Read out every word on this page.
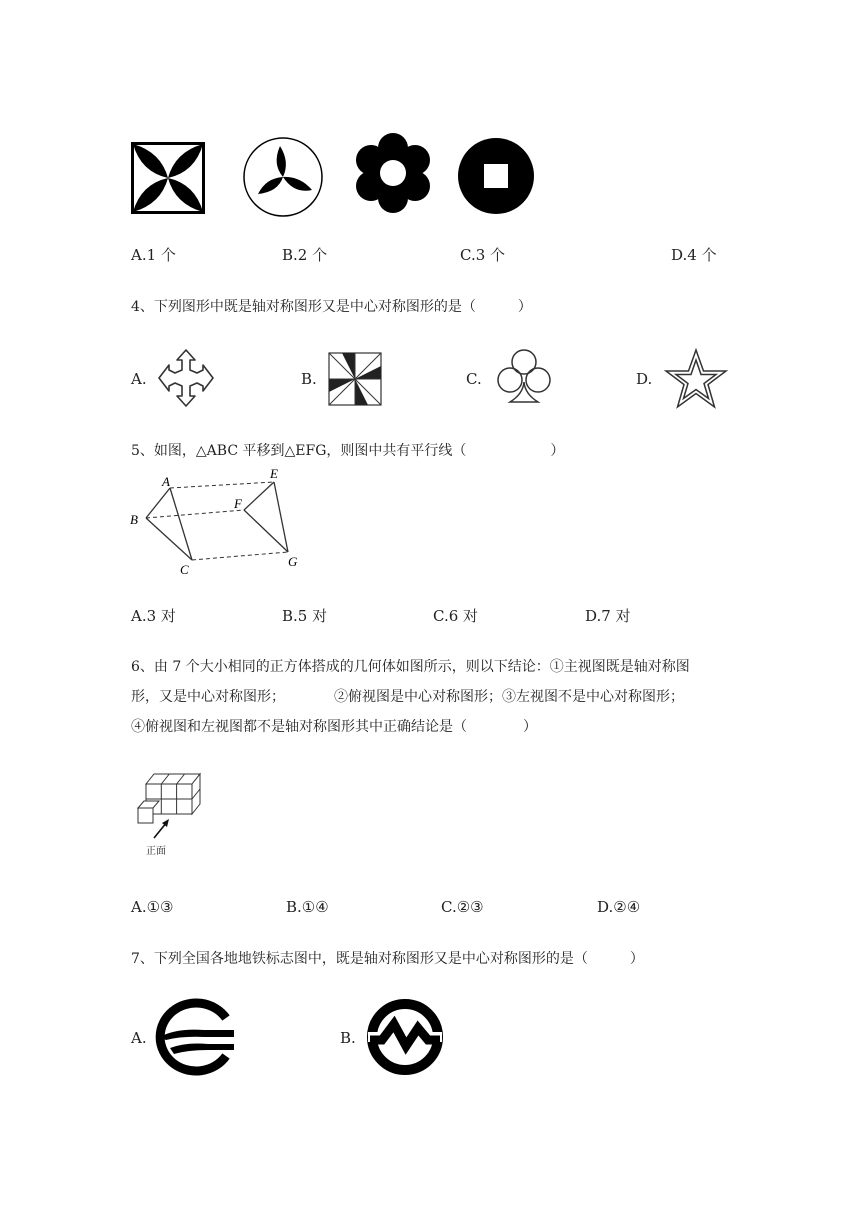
A.1 个	B.2 个	C.3 个	D.4 个
4、下列图形中既是轴对称图形又是中心对称图形的是（　　　）
A.	B.	C.	D.
5、如图，△ABC 平移到△EFG，则图中共有平行线（　　　　　　）
A
B
C
E
F
G
A.3 对	B.5 对	C.6 对	D.7 对
6、由 7 个大小相同的正方体搭成的几何体如图所示，则以下结论：①主视图既是轴对称图
形，又是中心对称图形；　　　　②俯视图是中心对称图形；③左视图不是中心对称图形；
④俯视图和左视图都不是轴对称图形其中正确结论是（　　　　）
正面
A.①③	B.①④	C.②③	D.②④
7、下列全国各地地铁标志图中，既是轴对称图形又是中心对称图形的是（　　　）
A.	B.
